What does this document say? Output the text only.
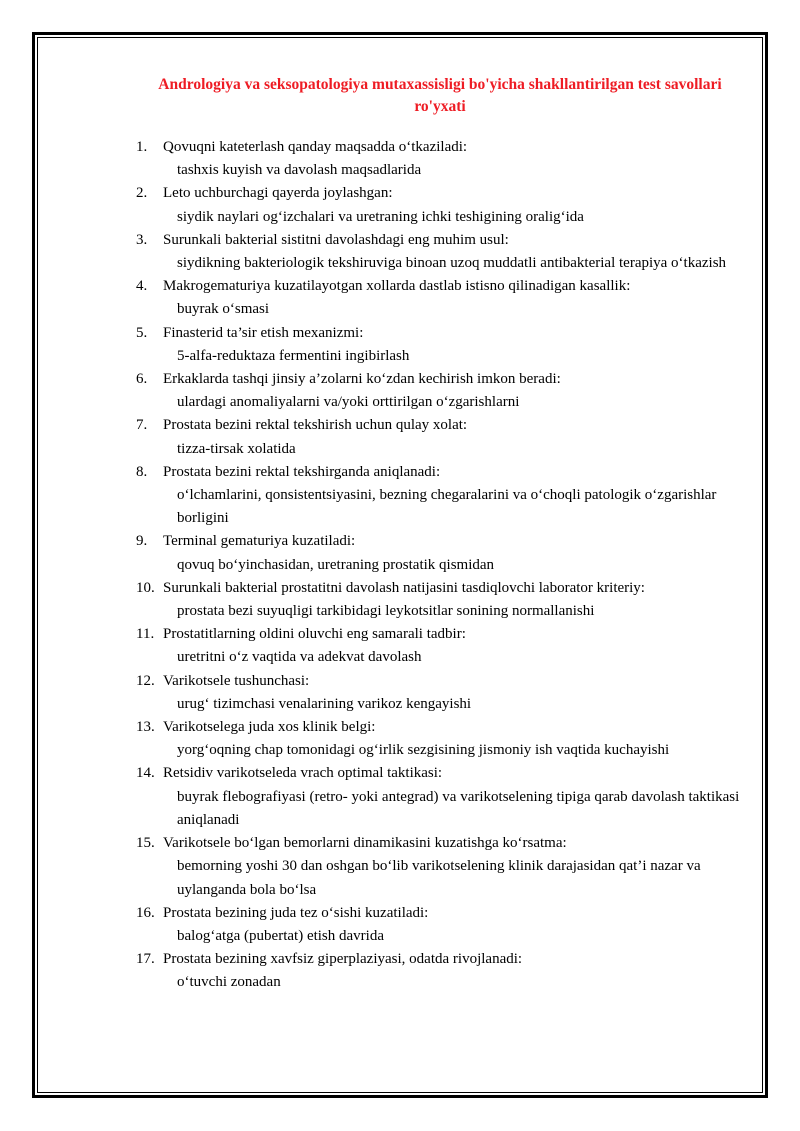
Andrologiya va seksopatologiya mutaxassisligi bo'yicha shakllantirilgan test savollari ro'yxati
1. Qovuqni kateterlash qanday maqsadda oʻtkaziladi:
tashxis kuyish va davolash maqsadlarida
2. Leto uchburchagi qayerda joylashgan:
siydik naylari ogʻizchalari va uretraning ichki teshigining oraligʻida
3. Surunkali bakterial sistitni davolashdagi eng muhim usul:
siydikning bakteriologik tekshiruviga binoan uzoq muddatli antibakterial terapiya oʻtkazish
4. Makrogematuriya kuzatilayotgan xollarda dastlab istisno qilinadigan kasallik:
buyrak oʻsmasi
5. Finasterid ta’sir etish mexanizmi:
5-alfa-reduktaza fermentini ingibirlash
6. Erkaklarda tashqi jinsiy a’zolarni koʻzdan kechirish imkon beradi:
ulardagi anomaliyalarni va/yoki orttirilgan oʻzgarishlarni
7. Prostata bezini rektal tekshirish uchun qulay xolat:
tizza-tirsak xolatida
8. Prostata bezini rektal tekshirganda aniqlanadi:
oʻlchamlarini, qonsistentsiyasini, bezning chegaralarini va oʻchoqli patologik oʻzgarishlar borligini
9. Terminal gematuriya kuzatiladi:
qovuq boʻyinchasidan, uretraning prostatik qismidan
10. Surunkali bakterial prostatitni davolash natijasini tasdiqlovchi laborator kriteriy:
prostata bezi suyuqligi tarkibidagi leykotsitlar sonining normallanishi
11. Prostatitlarning oldini oluvchi eng samarali tadbir:
uretritni oʻz vaqtida va adekvat davolash
12. Varikotsele tushunchasi:
urugʻ tizimchasi venalarining varikoz kengayishi
13. Varikotselega juda xos klinik belgi:
yorgʻoqning chap tomonidagi ogʻirlik sezgisining jismoniy ish vaqtida kuchayishi
14. Retsidiv varikotseleda vrach optimal taktikasi:
buyrak flebografiyasi (retro- yoki antegrad) va varikotselening tipiga qarab davolash taktikasi aniqlanadi
15. Varikotsele boʻlgan bemorlarni dinamikasini kuzatishga koʻrsatma:
bemorning yoshi 30 dan oshgan boʻlib varikotselening klinik darajasidan qat’i nazar va uylanganda bola boʻlsa
16. Prostata bezining juda tez oʻsishi kuzatiladi:
balogʻatga (pubertat) etish davrida
17. Prostata bezining xavfsiz giperplaziyasi, odatda rivojlanadi:
oʻtuvchi zonadan
